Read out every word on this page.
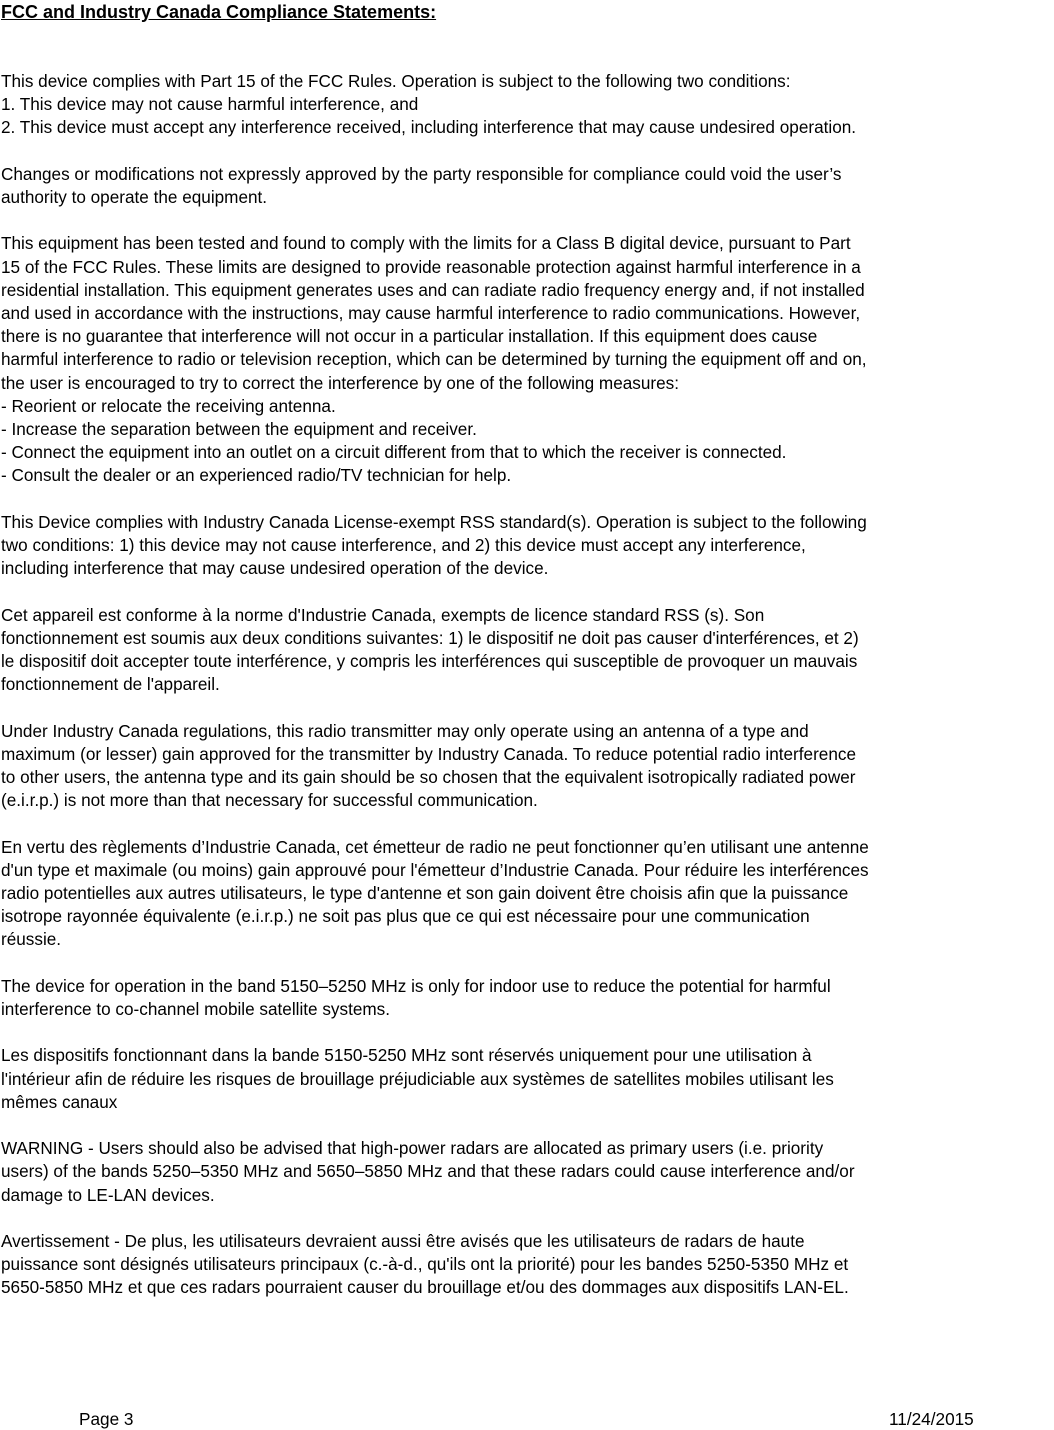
FCC and Industry Canada Compliance Statements:
This device complies with Part 15 of the FCC Rules. Operation is subject to the following two conditions:
1. This device may not cause harmful interference, and
2. This device must accept any interference received, including interference that may cause undesired operation.
Changes or modifications not expressly approved by the party responsible for compliance could void the user’s
authority to operate the equipment.
This equipment has been tested and found to comply with the limits for a Class B digital device, pursuant to Part
15 of the FCC Rules. These limits are designed to provide reasonable protection against harmful interference in a
residential installation. This equipment generates uses and can radiate radio frequency energy and, if not installed
and used in accordance with the instructions, may cause harmful interference to radio communications. However,
there is no guarantee that interference will not occur in a particular installation. If this equipment does cause
harmful interference to radio or television reception, which can be determined by turning the equipment off and on,
the user is encouraged to try to correct the interference by one of the following measures:
- Reorient or relocate the receiving antenna.
- Increase the separation between the equipment and receiver.
- Connect the equipment into an outlet on a circuit different from that to which the receiver is connected.
- Consult the dealer or an experienced radio/TV technician for help.
This Device complies with Industry Canada License-exempt RSS standard(s). Operation is subject to the following
two conditions: 1) this device may not cause interference, and 2) this device must accept any interference,
including interference that may cause undesired operation of the device.
Cet appareil est conforme à la norme d'Industrie Canada, exempts de licence standard RSS (s). Son
fonctionnement est soumis aux deux conditions suivantes: 1) le dispositif ne doit pas causer d'interférences, et 2)
le dispositif doit accepter toute interférence, y compris les interférences qui susceptible de provoquer un mauvais
fonctionnement de l'appareil.
Under Industry Canada regulations, this radio transmitter may only operate using an antenna of a type and
maximum (or lesser) gain approved for the transmitter by Industry Canada. To reduce potential radio interference
to other users, the antenna type and its gain should be so chosen that the equivalent isotropically radiated power
(e.i.r.p.) is not more than that necessary for successful communication.
En vertu des règlements d’Industrie Canada, cet émetteur de radio ne peut fonctionner qu’en utilisant une antenne
d'un type et maximale (ou moins) gain approuvé pour l'émetteur d’Industrie Canada. Pour réduire les interférences
radio potentielles aux autres utilisateurs, le type d'antenne et son gain doivent être choisis afin que la puissance
isotrope rayonnée équivalente (e.i.r.p.) ne soit pas plus que ce qui est nécessaire pour une communication
réussie.
The device for operation in the band 5150–5250 MHz is only for indoor use to reduce the potential for harmful
interference to co-channel mobile satellite systems.
Les dispositifs fonctionnant dans la bande 5150-5250 MHz sont réservés uniquement pour une utilisation à
l'intérieur afin de réduire les risques de brouillage préjudiciable aux systèmes de satellites mobiles utilisant les
mêmes canaux
WARNING - Users should also be advised that high-power radars are allocated as primary users (i.e. priority
users) of the bands 5250–5350 MHz and 5650–5850 MHz and that these radars could cause interference and/or
damage to LE-LAN devices.
Avertissement - De plus, les utilisateurs devraient aussi être avisés que les utilisateurs de radars de haute
puissance sont désignés utilisateurs principaux (c.-à-d., qu'ils ont la priorité) pour les bandes 5250-5350 MHz et
5650-5850 MHz et que ces radars pourraient causer du brouillage et/ou des dommages aux dispositifs LAN-EL.
Page 3	11/24/2015
